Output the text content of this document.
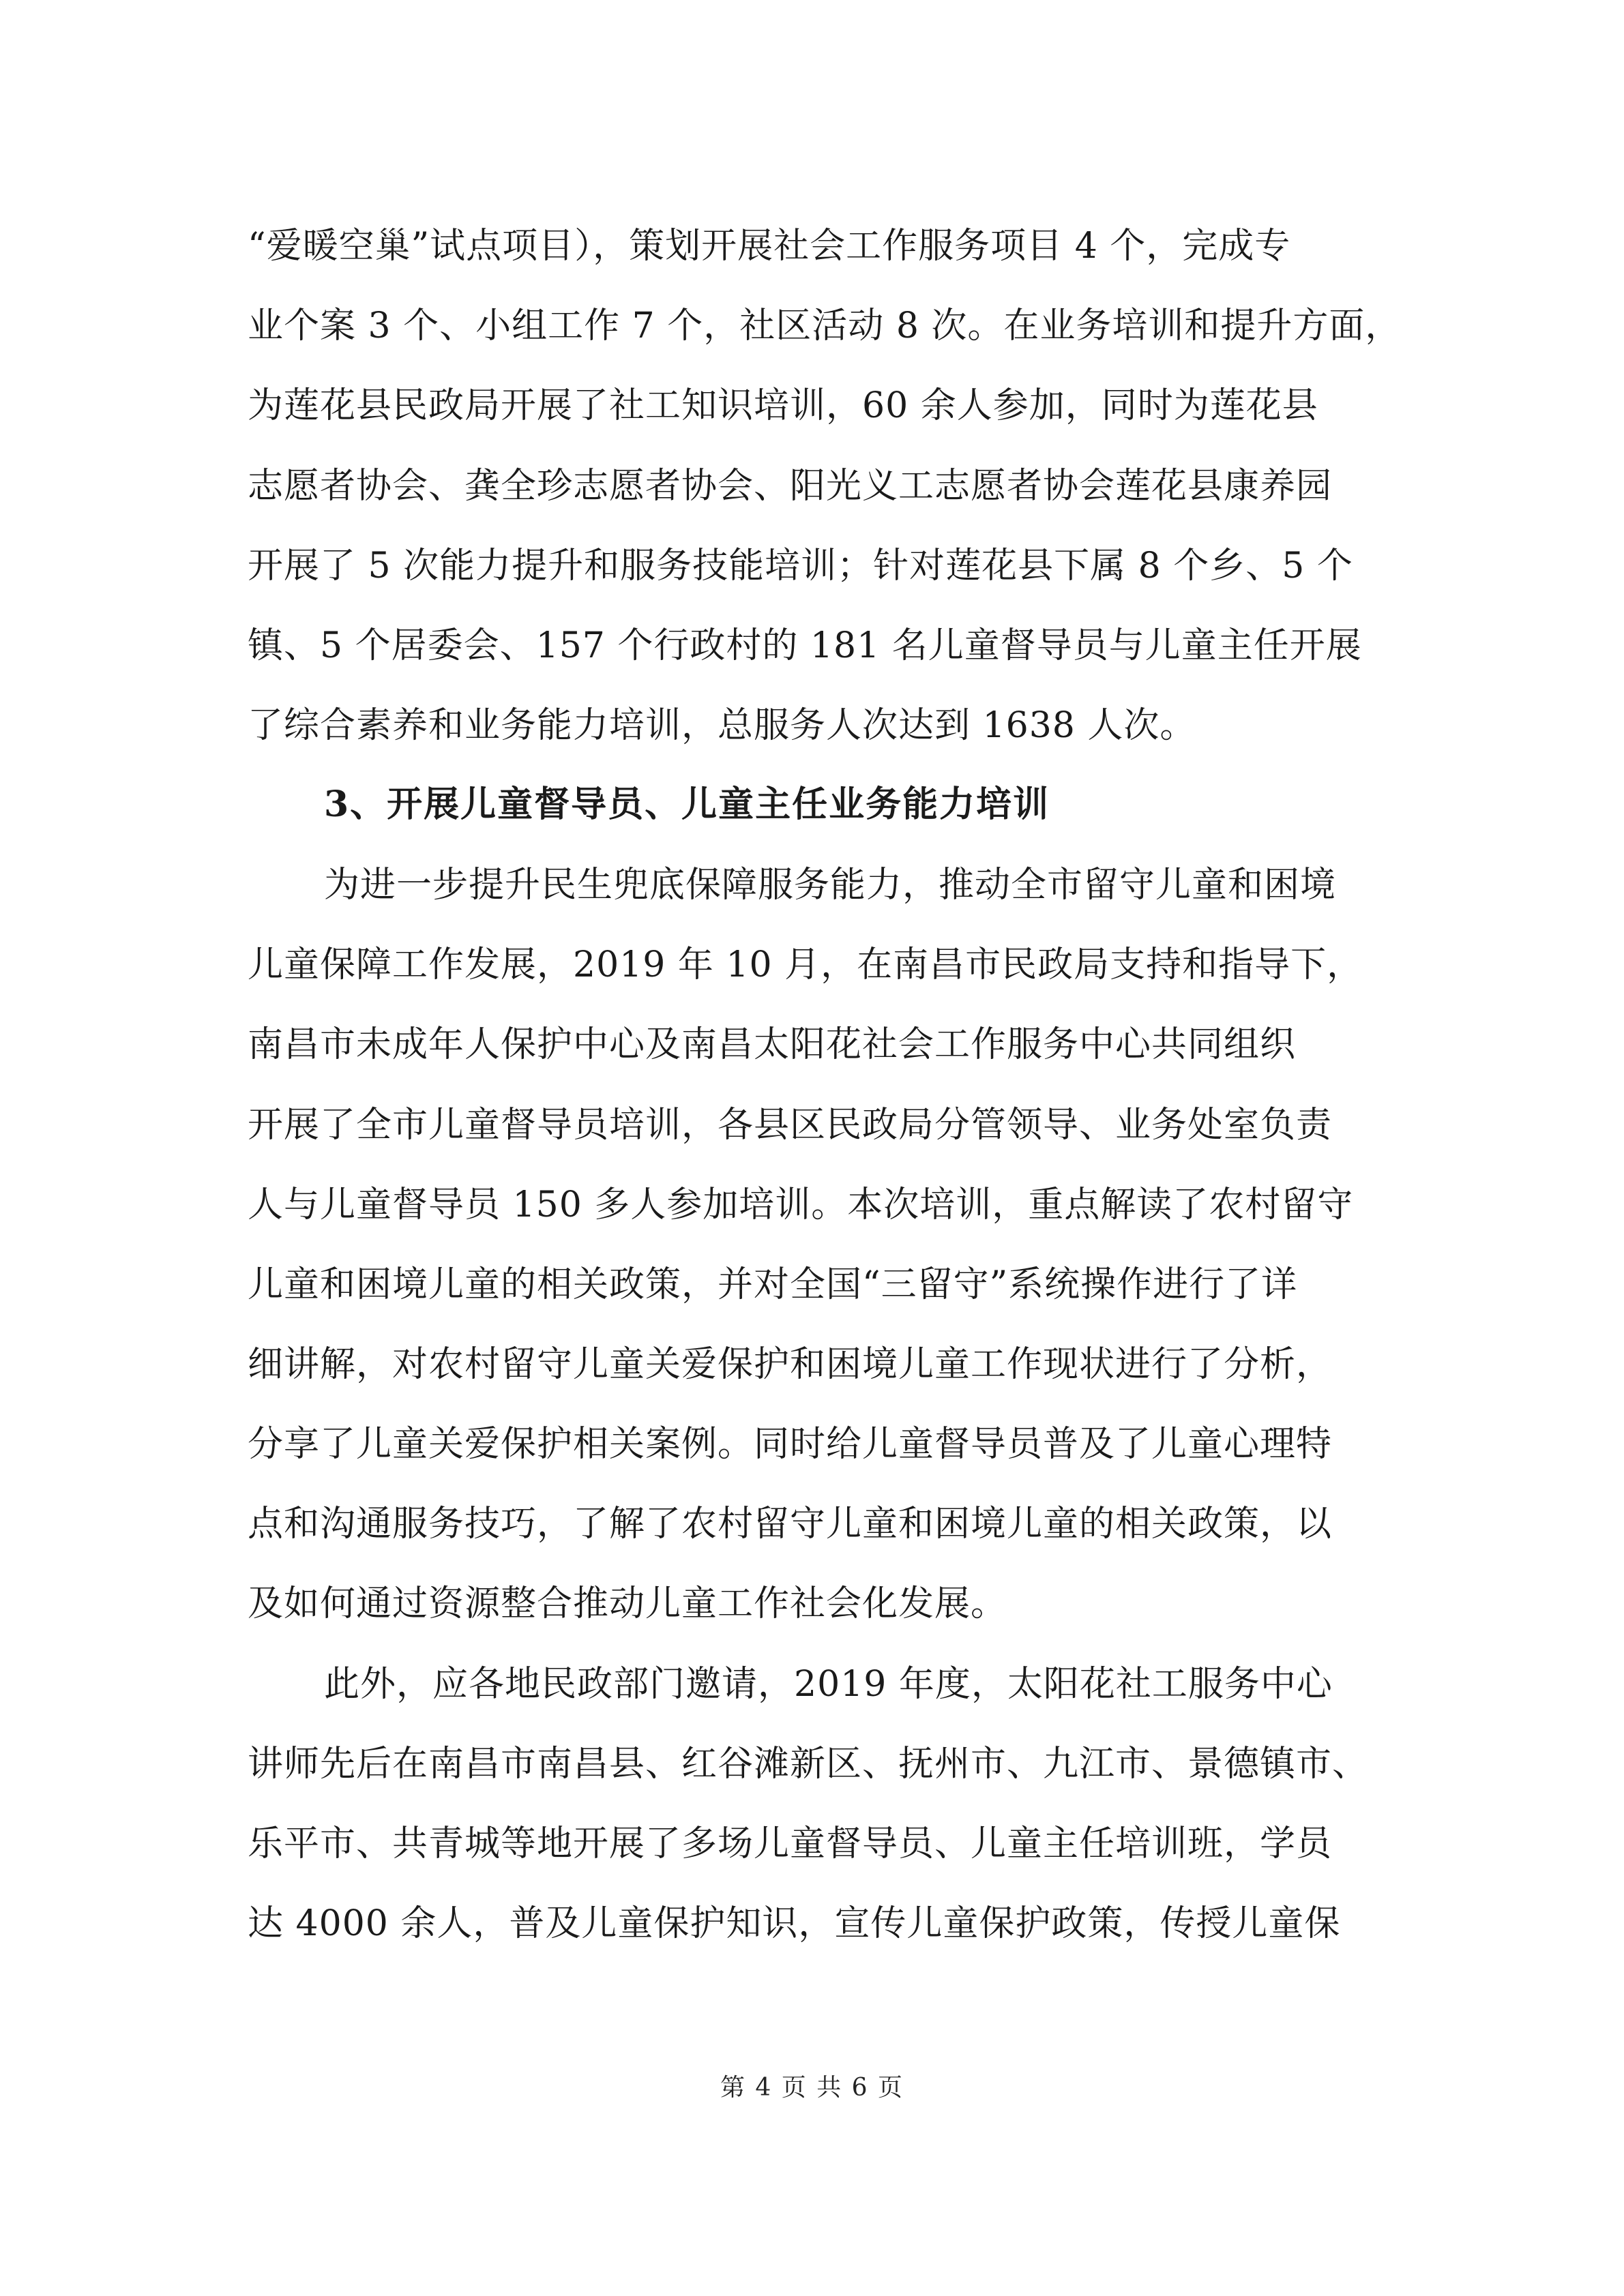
“爱暖空巢”试点项目），策划开展社会工作服务项目 4 个，完成专
业个案 3 个、小组工作 7 个，社区活动 8 次。在业务培训和提升方面，
为莲花县民政局开展了社工知识培训，60 余人参加，同时为莲花县
志愿者协会、龚全珍志愿者协会、阳光义工志愿者协会莲花县康养园
开展了 5 次能力提升和服务技能培训；针对莲花县下属 8 个乡、5 个
镇、5 个居委会、157 个行政村的 181 名儿童督导员与儿童主任开展
了综合素养和业务能力培训，总服务人次达到 1638 人次。
3、开展儿童督导员、儿童主任业务能力培训
为进一步提升民生兜底保障服务能力，推动全市留守儿童和困境
儿童保障工作发展，2019 年 10 月，在南昌市民政局支持和指导下，
南昌市未成年人保护中心及南昌太阳花社会工作服务中心共同组织
开展了全市儿童督导员培训，各县区民政局分管领导、业务处室负责
人与儿童督导员 150 多人参加培训。本次培训，重点解读了农村留守
儿童和困境儿童的相关政策，并对全国“三留守”系统操作进行了详
细讲解，对农村留守儿童关爱保护和困境儿童工作现状进行了分析，
分享了儿童关爱保护相关案例。同时给儿童督导员普及了儿童心理特
点和沟通服务技巧，了解了农村留守儿童和困境儿童的相关政策，以
及如何通过资源整合推动儿童工作社会化发展。
此外，应各地民政部门邀请，2019 年度，太阳花社工服务中心
讲师先后在南昌市南昌县、红谷滩新区、抚州市、九江市、景德镇市、
乐平市、共青城等地开展了多场儿童督导员、儿童主任培训班，学员
达 4000 余人，普及儿童保护知识，宣传儿童保护政策，传授儿童保
第 4 页 共 6 页
